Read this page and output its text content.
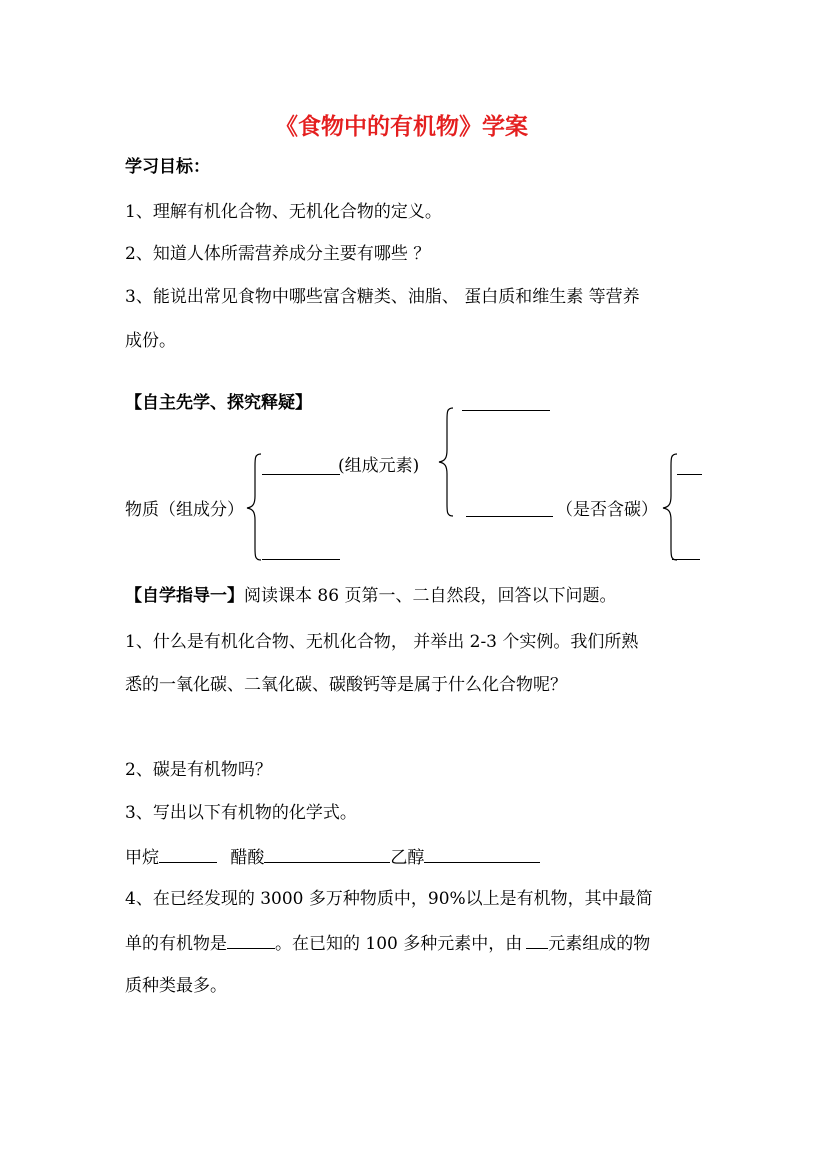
《食物中的有机物》学案
学习目标：
1、理解有机化合物、无机化合物的定义。
2、知道人体所需营养成分主要有哪些 ？
3、能说出常见食物中哪些富含糖类、油脂、 蛋白质和维生素 等营养
成份。
【自主先学、探究释疑】
(组成元素)
物质（组成分）	（是否含碳）
【自学指导一】阅读课本 86 页第一、二自然段，回答以下问题。
1、什么是有机化合物、无机化合物， 并举出 2-3 个实例。我们所熟
悉的一氧化碳、二氧化碳、碳酸钙等是属于什么化合物呢？
2、碳是有机物吗？
3、写出以下有机物的化学式。
甲烷	醋酸	乙醇
4、在已经发现的 3000 多万种物质中，90%以上是有机物，其中最简
单的有机物是	。在已知的 100 多种元素中，由 元素组成的物
质种类最多。
